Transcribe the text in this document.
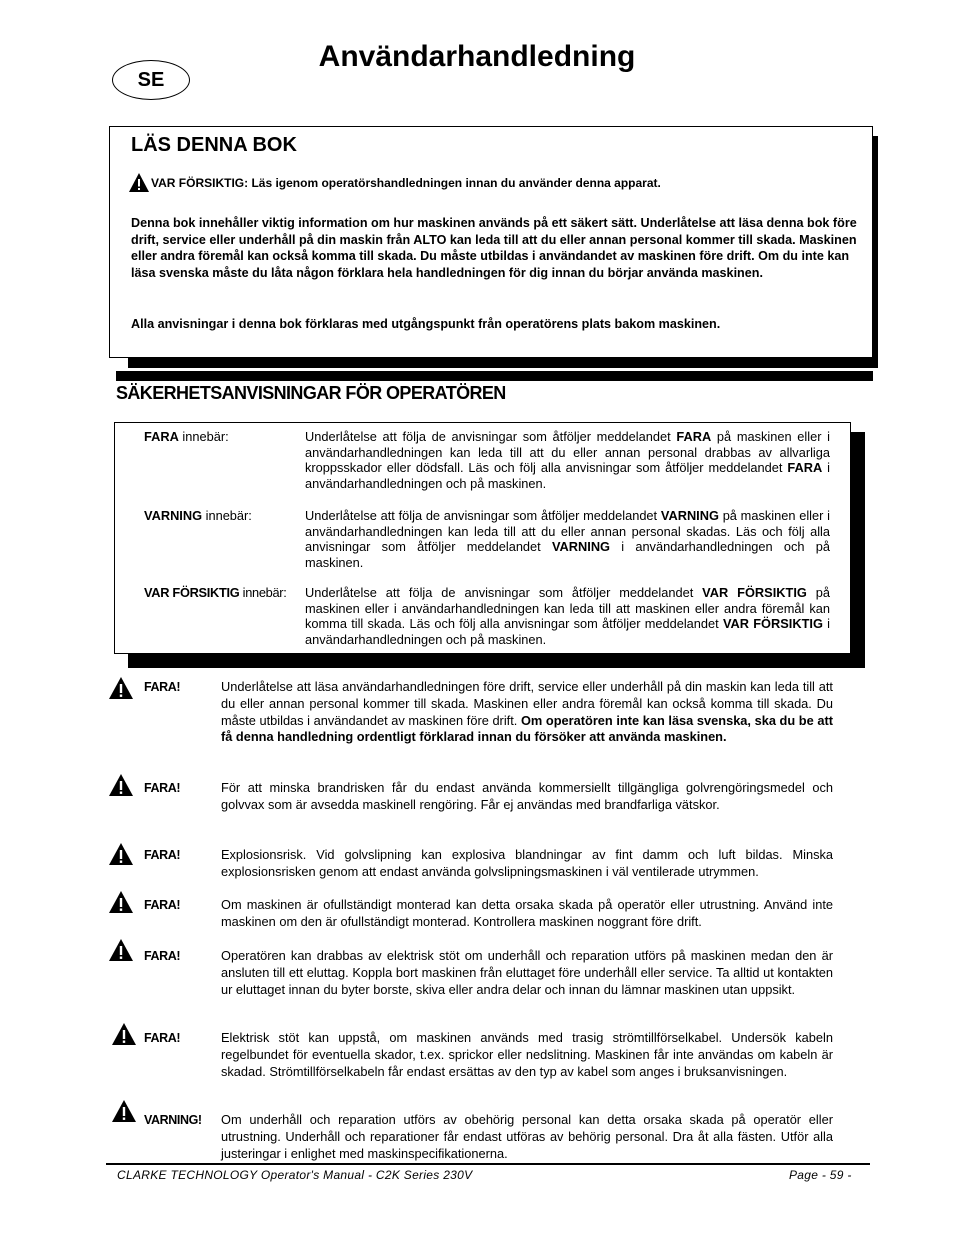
SE
Användarhandledning
LÄS DENNA BOK
VAR FÖRSIKTIG: Läs igenom operatörshandledningen innan du använder denna apparat.
Denna bok innehåller viktig information om hur maskinen används på ett säkert sätt. Underlåtelse att läsa denna bok före drift, service eller underhåll på din maskin från ALTO kan leda till att du eller annan personal kommer till skada. Maskinen eller andra föremål kan också komma till skada. Du måste utbildas i användandet av maskinen före drift. Om du inte kan läsa svenska måste du låta någon förklara hela handledningen för dig innan du börjar använda maskinen.
Alla anvisningar i denna bok förklaras med utgångspunkt från operatörens plats bakom maskinen.
SÄKERHETSANVISNINGAR FÖR OPERATÖREN
FARA innebär:	Underlåtelse att följa de anvisningar som åtföljer meddelandet FARA på maskinen eller i användarhandledningen kan leda till att du eller annan personal drabbas av allvarliga kroppsskador eller dödsfall. Läs och följ alla anvisningar som åtföljer meddelandet FARA i användarhandledningen och på maskinen.
VARNING innebär:	Underlåtelse att följa de anvisningar som åtföljer meddelandet VARNING på maskinen eller i användarhandledningen kan leda till att du eller annan personal skadas. Läs och följ alla anvisningar som åtföljer meddelandet VARNING i användarhandledningen och på maskinen.
VAR FÖRSIKTIG innebär: Underlåtelse att följa de anvisningar som åtföljer meddelandet VAR FÖRSIKTIG på maskinen eller i användarhandledningen kan leda till att maskinen eller andra föremål kan komma till skada. Läs och följ alla anvisningar som åtföljer meddelandet VAR FÖRSIKTIG i användarhandledningen och på maskinen.
FARA!	Underlåtelse att läsa användarhandledningen före drift, service eller underhåll på din maskin kan leda till att du eller annan personal kommer till skada. Maskinen eller andra föremål kan också komma till skada. Du måste utbildas i användandet av maskinen före drift. Om operatören inte kan läsa svenska, ska du be att få denna handledning ordentligt förklarad innan du försöker att använda maskinen.
FARA!	För att minska brandrisken får du endast använda kommersiellt tillgängliga golvrengöringsmedel och golvvax som är avsedda maskinell rengöring. Får ej användas med brandfarliga vätskor.
FARA!	Explosionsrisk. Vid golvslipning kan explosiva blandningar av fint damm och luft bildas. Minska explosionsrisken genom att endast använda golvslipningsmaskinen i väl ventilerade utrymmen.
FARA!	Om maskinen är ofullständigt monterad kan detta orsaka skada på operatör eller utrustning. Använd inte maskinen om den är ofullständigt monterad. Kontrollera maskinen noggrant före drift.
FARA!	Operatören kan drabbas av elektrisk stöt om underhåll och reparation utförs på maskinen medan den är ansluten till ett eluttag. Koppla bort maskinen från eluttaget före underhåll eller service. Ta alltid ut kontakten ur eluttaget innan du byter borste, skiva eller andra delar och innan du lämnar maskinen utan uppsikt.
FARA!	Elektrisk stöt kan uppstå, om maskinen används med trasig strömtillförselkabel. Undersök kabeln regelbundet för eventuella skador, t.ex. sprickor eller nedslitning. Maskinen får inte användas om kabeln är skadad. Strömtillförselkabeln får endast ersättas av den typ av kabel som anges i bruksanvisningen.
VARNING! Om underhåll och reparation utförs av obehörig personal kan detta orsaka skada på operatör eller utrustning. Underhåll och reparationer får endast utföras av behörig personal. Dra åt alla fästen. Utför alla justeringar i enlighet med maskinspecifikationerna.
CLARKE TECHNOLOGY Operator's Manual - C2K Series 230V	Page - 59 -
